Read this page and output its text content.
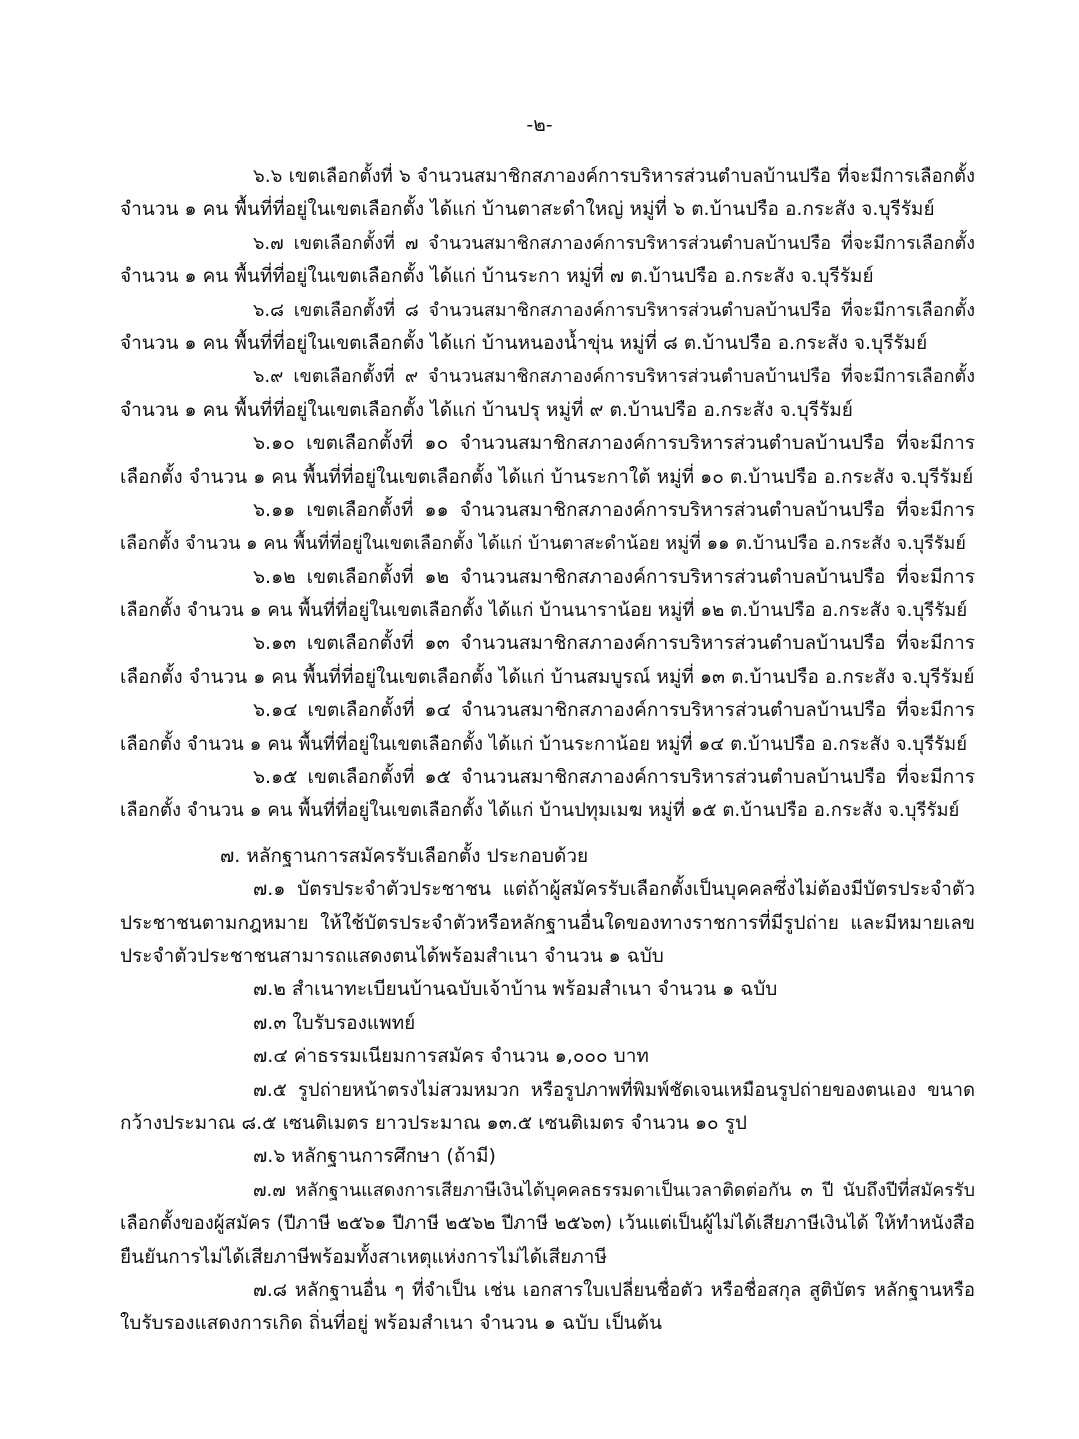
-๒-
๖.๖ เขตเลือกตั้งที่ ๖ จำนวนสมาชิกสภาองค์การบริหารส่วนตำบลบ้านปรือ ที่จะมีการเลือกตั้ง
จำนวน ๑ คน พื้นที่ที่อยู่ในเขตเลือกตั้ง ได้แก่ บ้านตาสะดำใหญ่ หมู่ที่ ๖ ต.บ้านปรือ อ.กระสัง จ.บุรีรัมย์
๖.๗ เขตเลือกตั้งที่ ๗ จำนวนสมาชิกสภาองค์การบริหารส่วนตำบลบ้านปรือ ที่จะมีการเลือกตั้ง
จำนวน ๑ คน พื้นที่ที่อยู่ในเขตเลือกตั้ง ได้แก่ บ้านระกา หมู่ที่ ๗ ต.บ้านปรือ อ.กระสัง จ.บุรีรัมย์
๖.๘ เขตเลือกตั้งที่ ๘ จำนวนสมาชิกสภาองค์การบริหารส่วนตำบลบ้านปรือ ที่จะมีการเลือกตั้ง
จำนวน ๑ คน พื้นที่ที่อยู่ในเขตเลือกตั้ง ได้แก่ บ้านหนองน้ำขุ่น หมู่ที่ ๘ ต.บ้านปรือ อ.กระสัง จ.บุรีรัมย์
๖.๙ เขตเลือกตั้งที่ ๙ จำนวนสมาชิกสภาองค์การบริหารส่วนตำบลบ้านปรือ ที่จะมีการเลือกตั้ง
จำนวน ๑ คน พื้นที่ที่อยู่ในเขตเลือกตั้ง ได้แก่ บ้านปรุ หมู่ที่ ๙ ต.บ้านปรือ อ.กระสัง จ.บุรีรัมย์
๖.๑๐ เขตเลือกตั้งที่ ๑๐ จำนวนสมาชิกสภาองค์การบริหารส่วนตำบลบ้านปรือ ที่จะมีการ
เลือกตั้ง จำนวน ๑ คน พื้นที่ที่อยู่ในเขตเลือกตั้ง ได้แก่ บ้านระกาใต้ หมู่ที่ ๑๐ ต.บ้านปรือ อ.กระสัง จ.บุรีรัมย์
๖.๑๑ เขตเลือกตั้งที่ ๑๑ จำนวนสมาชิกสภาองค์การบริหารส่วนตำบลบ้านปรือ ที่จะมีการ
เลือกตั้ง จำนวน ๑ คน พื้นที่ที่อยู่ในเขตเลือกตั้ง ได้แก่ บ้านตาสะดำน้อย หมู่ที่ ๑๑ ต.บ้านปรือ อ.กระสัง จ.บุรีรัมย์
๖.๑๒ เขตเลือกตั้งที่ ๑๒ จำนวนสมาชิกสภาองค์การบริหารส่วนตำบลบ้านปรือ ที่จะมีการ
เลือกตั้ง จำนวน ๑ คน พื้นที่ที่อยู่ในเขตเลือกตั้ง ได้แก่ บ้านนาราน้อย หมู่ที่ ๑๒ ต.บ้านปรือ อ.กระสัง จ.บุรีรัมย์
๖.๑๓ เขตเลือกตั้งที่ ๑๓ จำนวนสมาชิกสภาองค์การบริหารส่วนตำบลบ้านปรือ ที่จะมีการ
เลือกตั้ง จำนวน ๑ คน พื้นที่ที่อยู่ในเขตเลือกตั้ง ได้แก่ บ้านสมบูรณ์ หมู่ที่ ๑๓ ต.บ้านปรือ อ.กระสัง จ.บุรีรัมย์
๖.๑๔ เขตเลือกตั้งที่ ๑๔ จำนวนสมาชิกสภาองค์การบริหารส่วนตำบลบ้านปรือ ที่จะมีการ
เลือกตั้ง จำนวน ๑ คน พื้นที่ที่อยู่ในเขตเลือกตั้ง ได้แก่ บ้านระกาน้อย หมู่ที่ ๑๔ ต.บ้านปรือ อ.กระสัง จ.บุรีรัมย์
๖.๑๕ เขตเลือกตั้งที่ ๑๕ จำนวนสมาชิกสภาองค์การบริหารส่วนตำบลบ้านปรือ ที่จะมีการ
เลือกตั้ง จำนวน ๑ คน พื้นที่ที่อยู่ในเขตเลือกตั้ง ได้แก่ บ้านปทุมเมฆ หมู่ที่ ๑๕ ต.บ้านปรือ อ.กระสัง จ.บุรีรัมย์
๗. หลักฐานการสมัครรับเลือกตั้ง ประกอบด้วย
๗.๑ บัตรประจำตัวประชาชน แต่ถ้าผู้สมัครรับเลือกตั้งเป็นบุคคลซึ่งไม่ต้องมีบัตรประจำตัว
ประชาชนตามกฎหมาย ให้ใช้บัตรประจำตัวหรือหลักฐานอื่นใดของทางราชการที่มีรูปถ่าย และมีหมายเลข
ประจำตัวประชาชนสามารถแสดงตนได้พร้อมสำเนา จำนวน ๑ ฉบับ
๗.๒ สำเนาทะเบียนบ้านฉบับเจ้าบ้าน พร้อมสำเนา จำนวน ๑ ฉบับ
๗.๓ ใบรับรองแพทย์
๗.๔ ค่าธรรมเนียมการสมัคร จำนวน ๑,๐๐๐ บาท
๗.๕ รูปถ่ายหน้าตรงไม่สวมหมวก หรือรูปภาพที่พิมพ์ชัดเจนเหมือนรูปถ่ายของตนเอง ขนาด
กว้างประมาณ ๘.๕ เซนติเมตร ยาวประมาณ ๑๓.๕ เซนติเมตร จำนวน ๑๐ รูป
๗.๖ หลักฐานการศึกษา (ถ้ามี)
๗.๗ หลักฐานแสดงการเสียภาษีเงินได้บุคคลธรรมดาเป็นเวลาติดต่อกัน ๓ ปี นับถึงปีที่สมัครรับ
เลือกตั้งของผู้สมัคร (ปีภาษี ๒๕๖๑ ปีภาษี ๒๕๖๒ ปีภาษี ๒๕๖๓) เว้นแต่เป็นผู้ไม่ได้เสียภาษีเงินได้ ให้ทำหนังสือ
ยืนยันการไม่ได้เสียภาษีพร้อมทั้งสาเหตุแห่งการไม่ได้เสียภาษี
๗.๘ หลักฐานอื่น ๆ ที่จำเป็น เช่น เอกสารใบเปลี่ยนชื่อตัว หรือชื่อสกุล สูติบัตร หลักฐานหรือ
ใบรับรองแสดงการเกิด ถิ่นที่อยู่ พร้อมสำเนา จำนวน ๑ ฉบับ เป็นต้น
